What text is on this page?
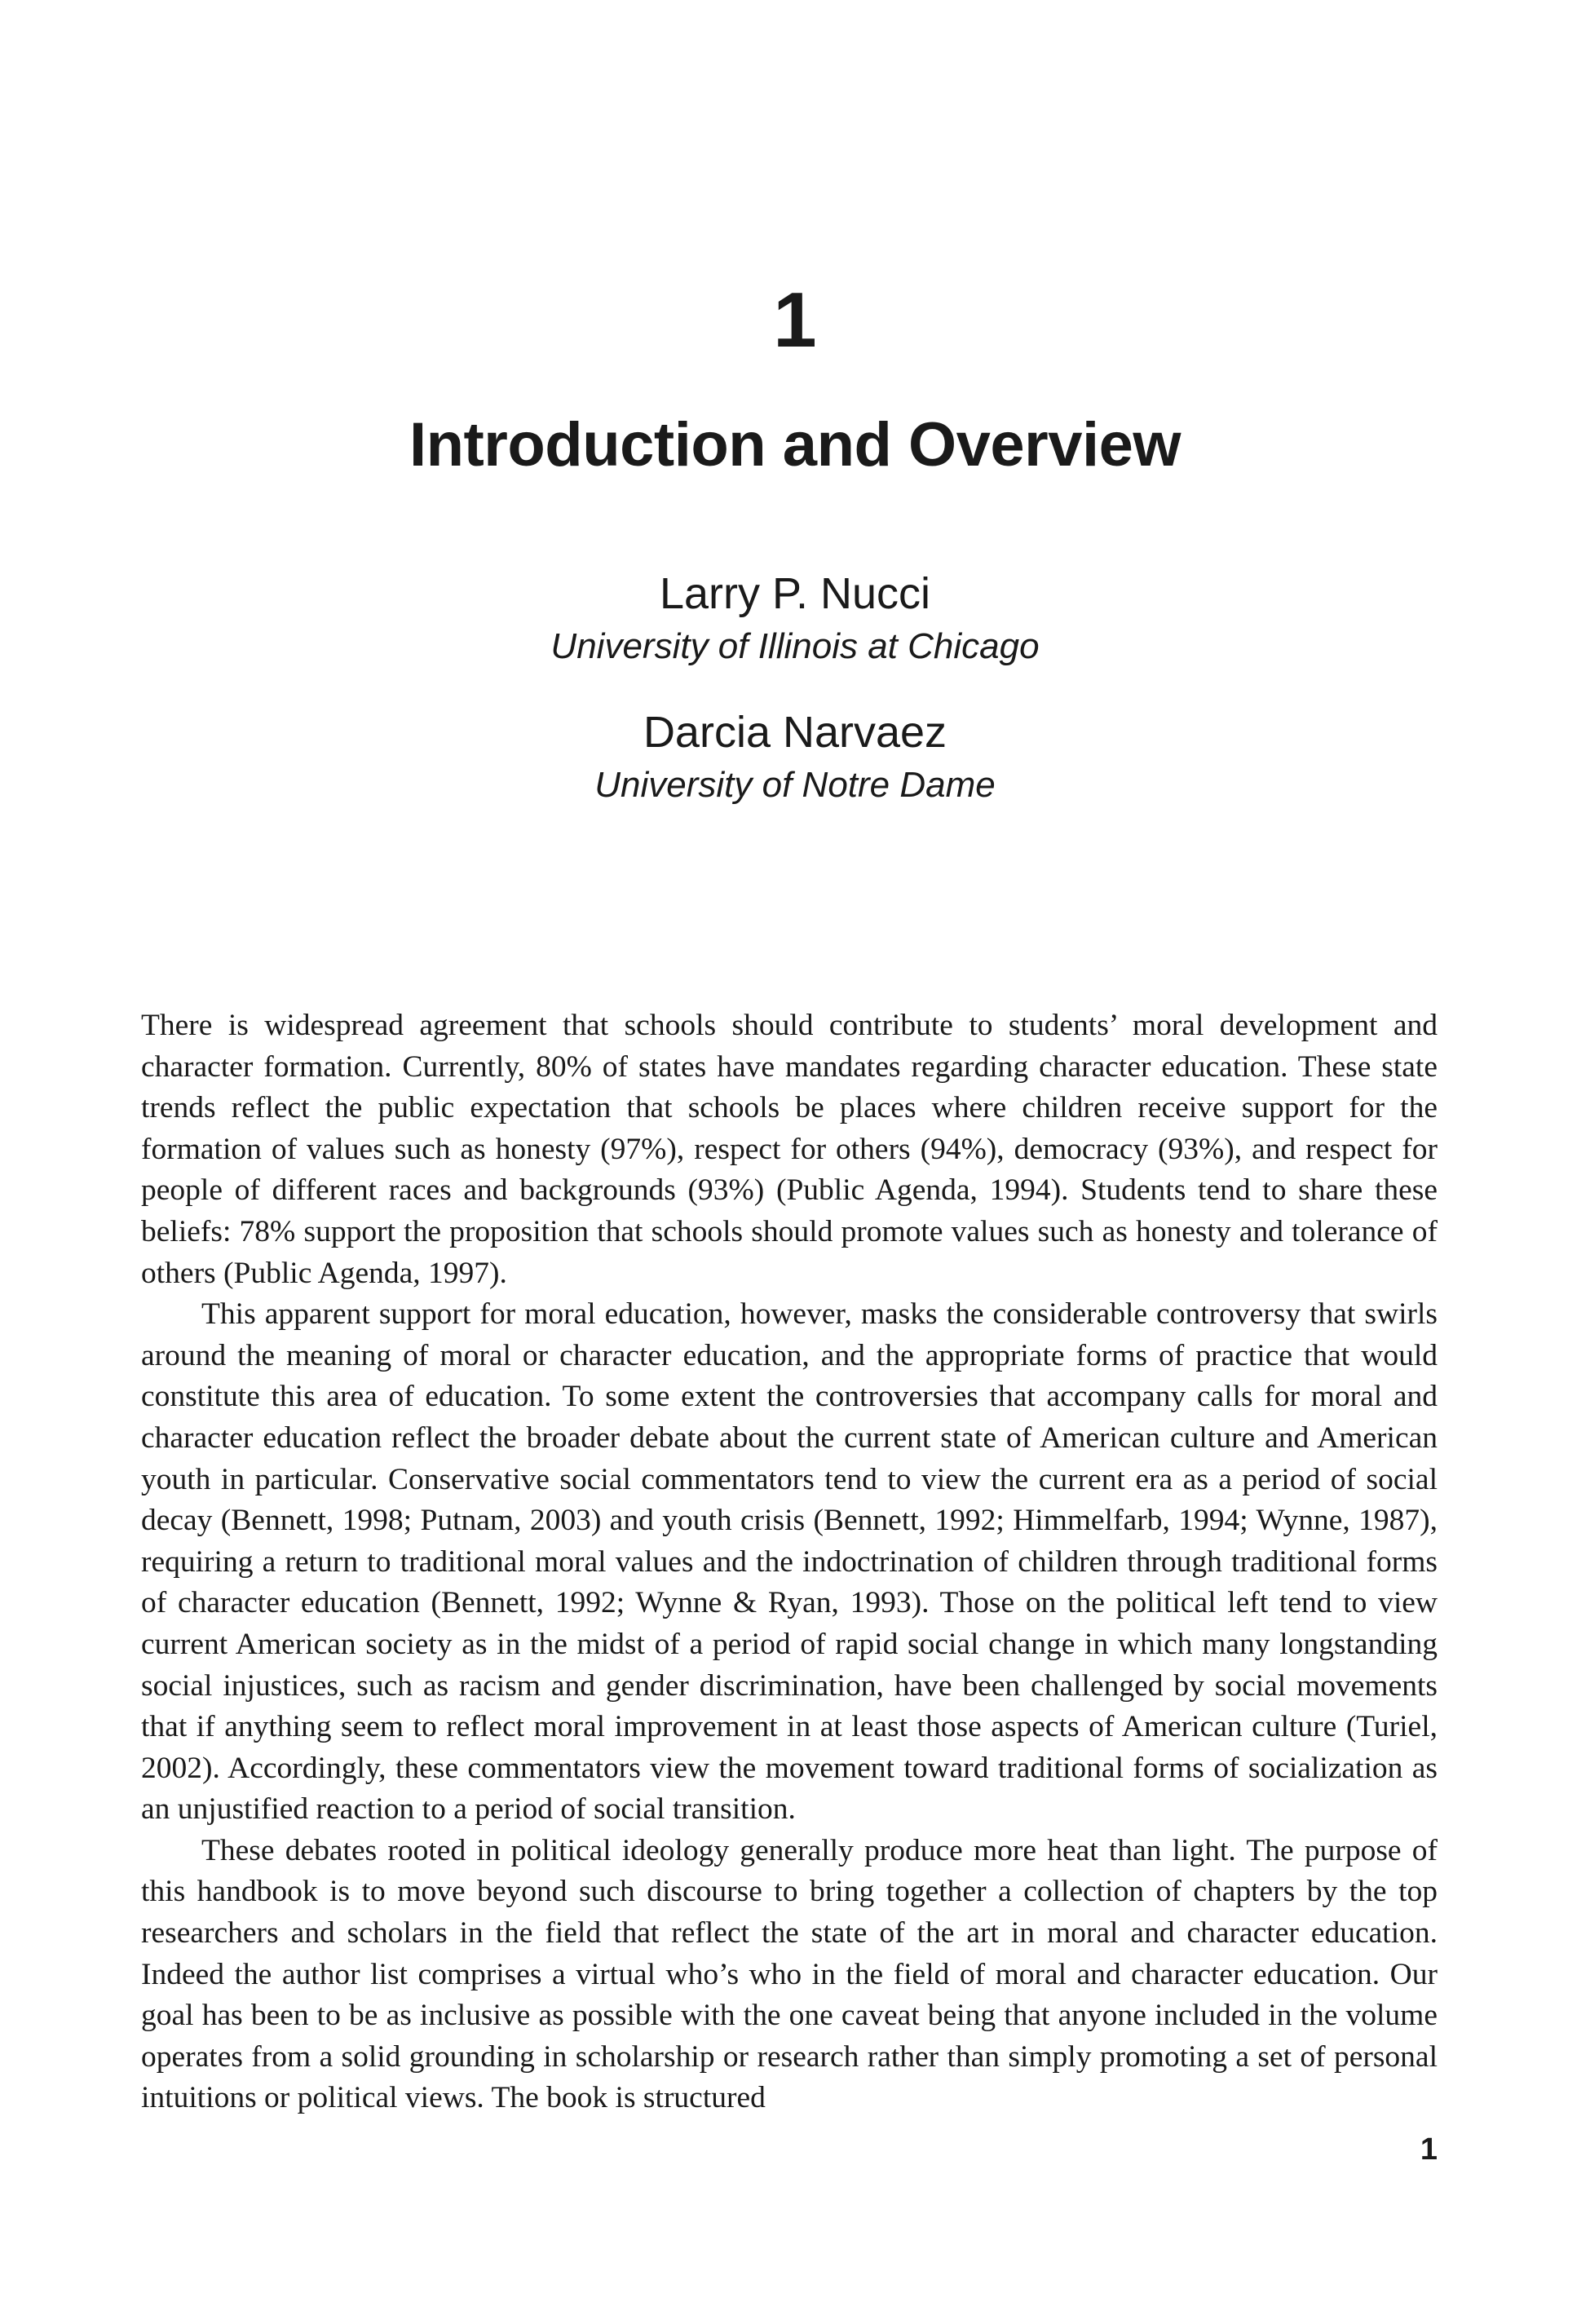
1
Introduction and Overview
Larry P. Nucci
University of Illinois at Chicago
Darcia Narvaez
University of Notre Dame

There is widespread agreement that schools should contribute to students’ moral development and character formation. Currently, 80% of states have mandates regarding character education. These state trends reflect the public expectation that schools be places where children receive support for the formation of values such as honesty (97%), respect for others (94%), democracy (93%), and respect for people of different races and backgrounds (93%) (Public Agenda, 1994). Students tend to share these beliefs: 78% support the proposition that schools should promote values such as honesty and tolerance of others (Public Agenda, 1997).

This apparent support for moral education, however, masks the considerable controversy that swirls around the meaning of moral or character education, and the appropriate forms of practice that would constitute this area of education. To some extent the controversies that accompany calls for moral and character education reflect the broader debate about the current state of American culture and American youth in particular. Conservative social commentators tend to view the current era as a period of social decay (Bennett, 1998; Putnam, 2003) and youth crisis (Bennett, 1992; Himmelfarb, 1994; Wynne, 1987), requiring a return to traditional moral values and the indoctrination of children through traditional forms of character education (Bennett, 1992; Wynne & Ryan, 1993). Those on the political left tend to view current American society as in the midst of a period of rapid social change in which many longstanding social injustices, such as racism and gender discrimination, have been challenged by social movements that if anything seem to reflect moral improvement in at least those aspects of American culture (Turiel, 2002). Accordingly, these commentators view the movement toward traditional forms of socialization as an unjustified reaction to a period of social transition.

These debates rooted in political ideology generally produce more heat than light. The purpose of this handbook is to move beyond such discourse to bring together a collection of chapters by the top researchers and scholars in the field that reflect the state of the art in moral and character education. Indeed the author list comprises a virtual who’s who in the field of moral and character education. Our goal has been to be as inclusive as possible with the one caveat being that anyone included in the volume operates from a solid grounding in scholarship or research rather than simply promoting a set of personal intuitions or political views. The book is structured

1
